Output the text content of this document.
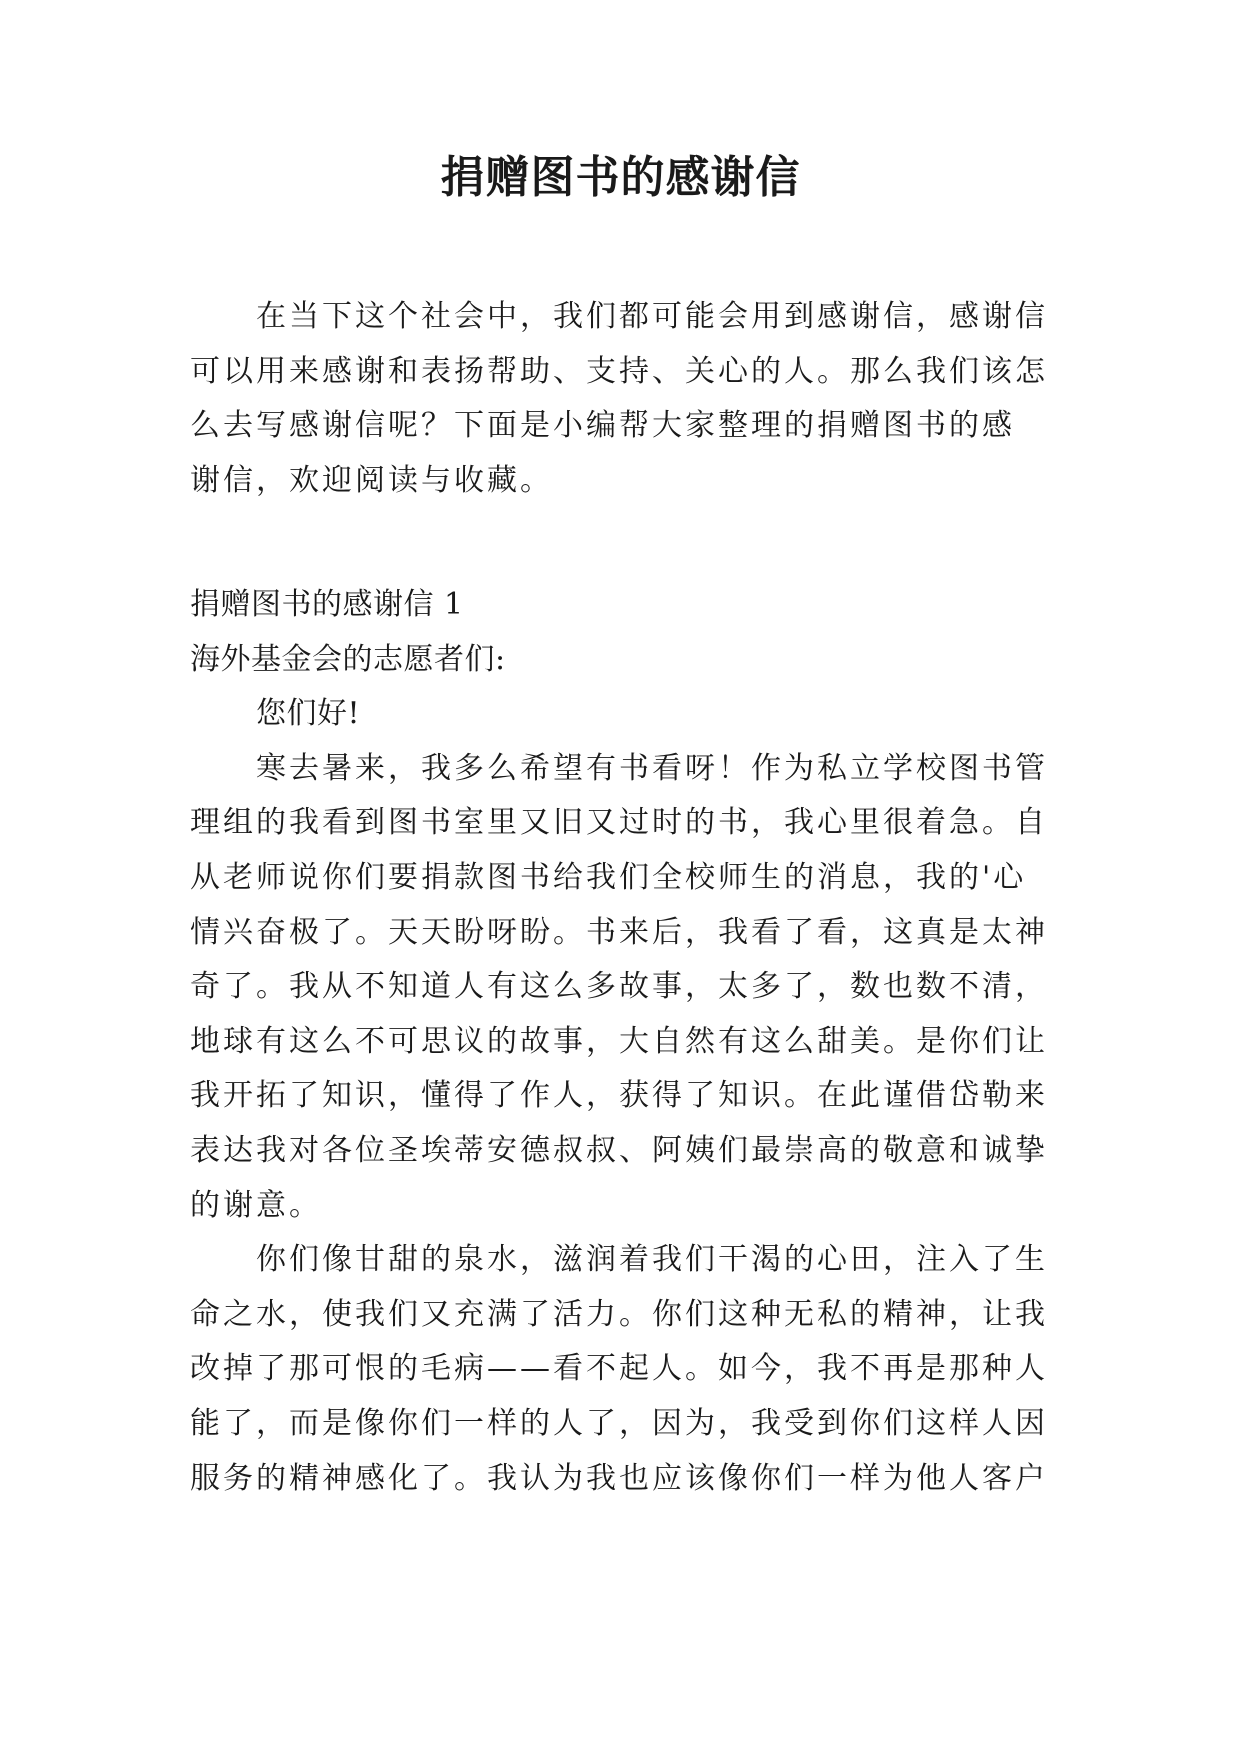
捐赠图书的感谢信
在当下这个社会中，我们都可能会用到感谢信，感谢信
可以用来感谢和表扬帮助、支持、关心的人。那么我们该怎
么去写感谢信呢？下面是小编帮大家整理的捐赠图书的感
谢信，欢迎阅读与收藏。
捐赠图书的感谢信 1
海外基金会的志愿者们:
您们好!
寒去暑来，我多么希望有书看呀！作为私立学校图书管
理组的我看到图书室里又旧又过时的书，我心里很着急。自
从老师说你们要捐款图书给我们全校师生的消息，我的'心
情兴奋极了。天天盼呀盼。书来后，我看了看，这真是太神
奇了。我从不知道人有这么多故事，太多了，数也数不清，
地球有这么不可思议的故事，大自然有这么甜美。是你们让
我开拓了知识，懂得了作人，获得了知识。在此谨借岱勒来
表达我对各位圣埃蒂安德叔叔、阿姨们最崇高的敬意和诚挚
的谢意。
你们像甘甜的泉水，滋润着我们干渴的心田，注入了生
命之水，使我们又充满了活力。你们这种无私的精神，让我
改掉了那可恨的毛病——看不起人。如今，我不再是那种人
能了，而是像你们一样的人了，因为，我受到你们这样人因
服务的精神感化了。我认为我也应该像你们一样为他人客户
